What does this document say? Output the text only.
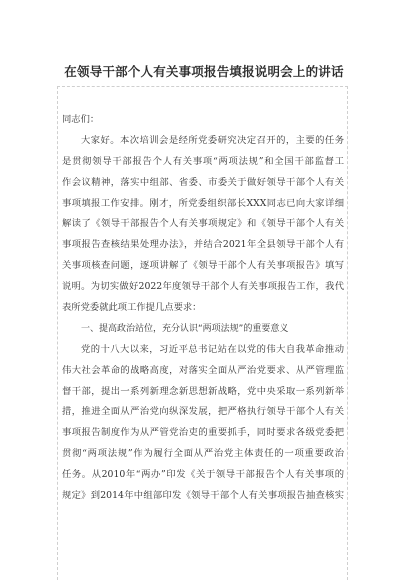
在领导干部个人有关事项报告填报说明会上的讲话
同志们：
大家好。本次培训会是经所党委研究决定召开的，主要的任务
是贯彻领导干部报告个人有关事项“两项法规”和全国干部监督工
作会议精神，落实中组部、省委、市委关于做好领导干部个人有关
事项填报工作安排。刚才，所党委组织部长XXX同志已向大家详细
解读了《领导干部报告个人有关事项规定》和《领导干部个人有关
事项报告查核结果处理办法》，并结合2021年全县领导干部个人有
关事项核查问题，逐项讲解了《领导干部个人有关事项报告》填写
说明。为切实做好2022年度领导干部个人有关事项报告工作，我代
表所党委就此项工作提几点要求：
一、提高政治站位，充分认识“两项法规”的重要意义
党的十八大以来，习近平总书记站在以党的伟大自我革命推动
伟大社会革命的战略高度，对落实全面从严治党要求、从严管理监
督干部，提出一系列新理念新思想新战略，党中央采取一系列新举
措，推进全面从严治党向纵深发展，把严格执行领导干部个人有关
事项报告制度作为从严管党治吏的重要抓手，同时要求各级党委把
贯彻“两项法规”作为履行全面从严治党主体责任的一项重要政治
任务。从2010年“两办”印发《关于领导干部报告个人有关事项的
规定》到2014年中组部印发《领导干部个人有关事项报告抽查核实
